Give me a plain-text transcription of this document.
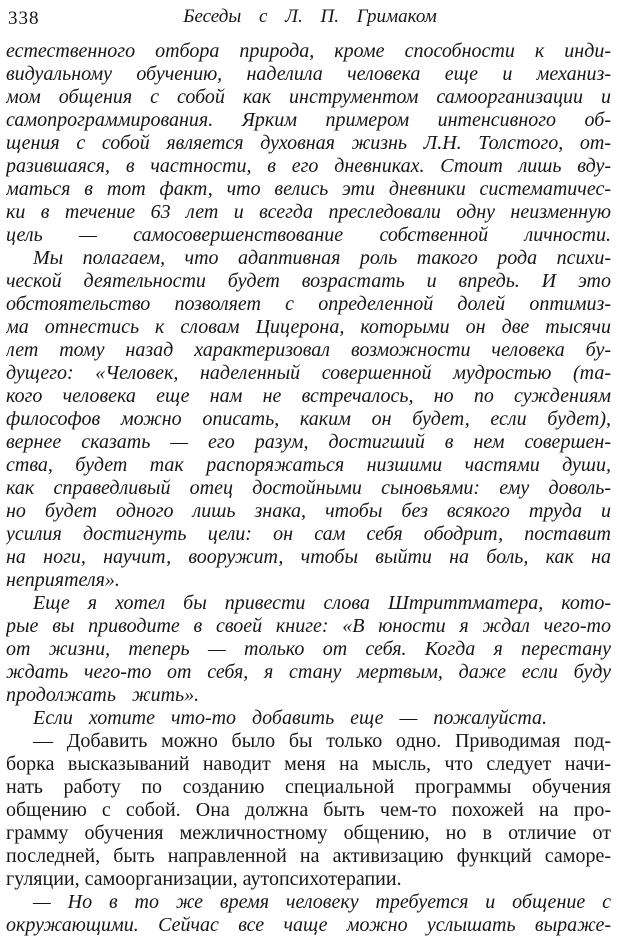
338	Беседы с Л. П. Гримаком
естественного отбора природа, кроме способности к инди-
видуальному обучению, наделила человека еще и механиз-
мом общения с собой как инструментом самоорганизации и
самопрограммирования. Ярким примером интенсивного об-
щения с собой является духовная жизнь Л.Н. Толстого, от-
разившаяся, в частности, в его дневниках. Стоит лишь вду-
маться в тот факт, что велись эти дневники систематичес-
ки в течение 63 лет и всегда преследовали одну неизменную
цель — самосовершенствование собственной личности.
Мы полагаем, что адаптивная роль такого рода психи-
ческой деятельности будет возрастать и впредь. И это
обстоятельство позволяет с определенной долей оптимиз-
ма отнестись к словам Цицерона, которыми он две тысячи
лет тому назад характеризовал возможности человека бу-
дущего: «Человек, наделенный совершенной мудростью (та-
кого человека еще нам не встречалось, но по суждениям
философов можно описать, каким он будет, если будет),
вернее сказать — его разум, достигший в нем совершен-
ства, будет так распоряжаться низшими частями души,
как справедливый отец достойными сыновьями: ему доволь-
но будет одного лишь знака, чтобы без всякого труда и
усилия достигнуть цели: он сам себя ободрит, поставит
на ноги, научит, вооружит, чтобы выйти на боль, как на
неприятеля».
Еще я хотел бы привести слова Штриттматера, кото-
рые вы приводите в своей книге: «В юности я ждал чего-то
от жизни, теперь — только от себя. Когда я перестану
ждать чего-то от себя, я стану мертвым, даже если буду
продолжать жить».
Если хотите что-то добавить еще — пожалуйста.
— Добавить можно было бы только одно. Приводимая под-
борка высказываний наводит меня на мысль, что следует начи-
нать работу по созданию специальной программы обучения
общению с собой. Она должна быть чем-то похожей на про-
грамму обучения межличностному общению, но в отличие от
последней, быть направленной на активизацию функций саморе-
гуляции, самоорганизации, аутопсихотерапии.
— Но в то же время человеку требуется и общение с
окружающими. Сейчас все чаще можно услышать выраже-
